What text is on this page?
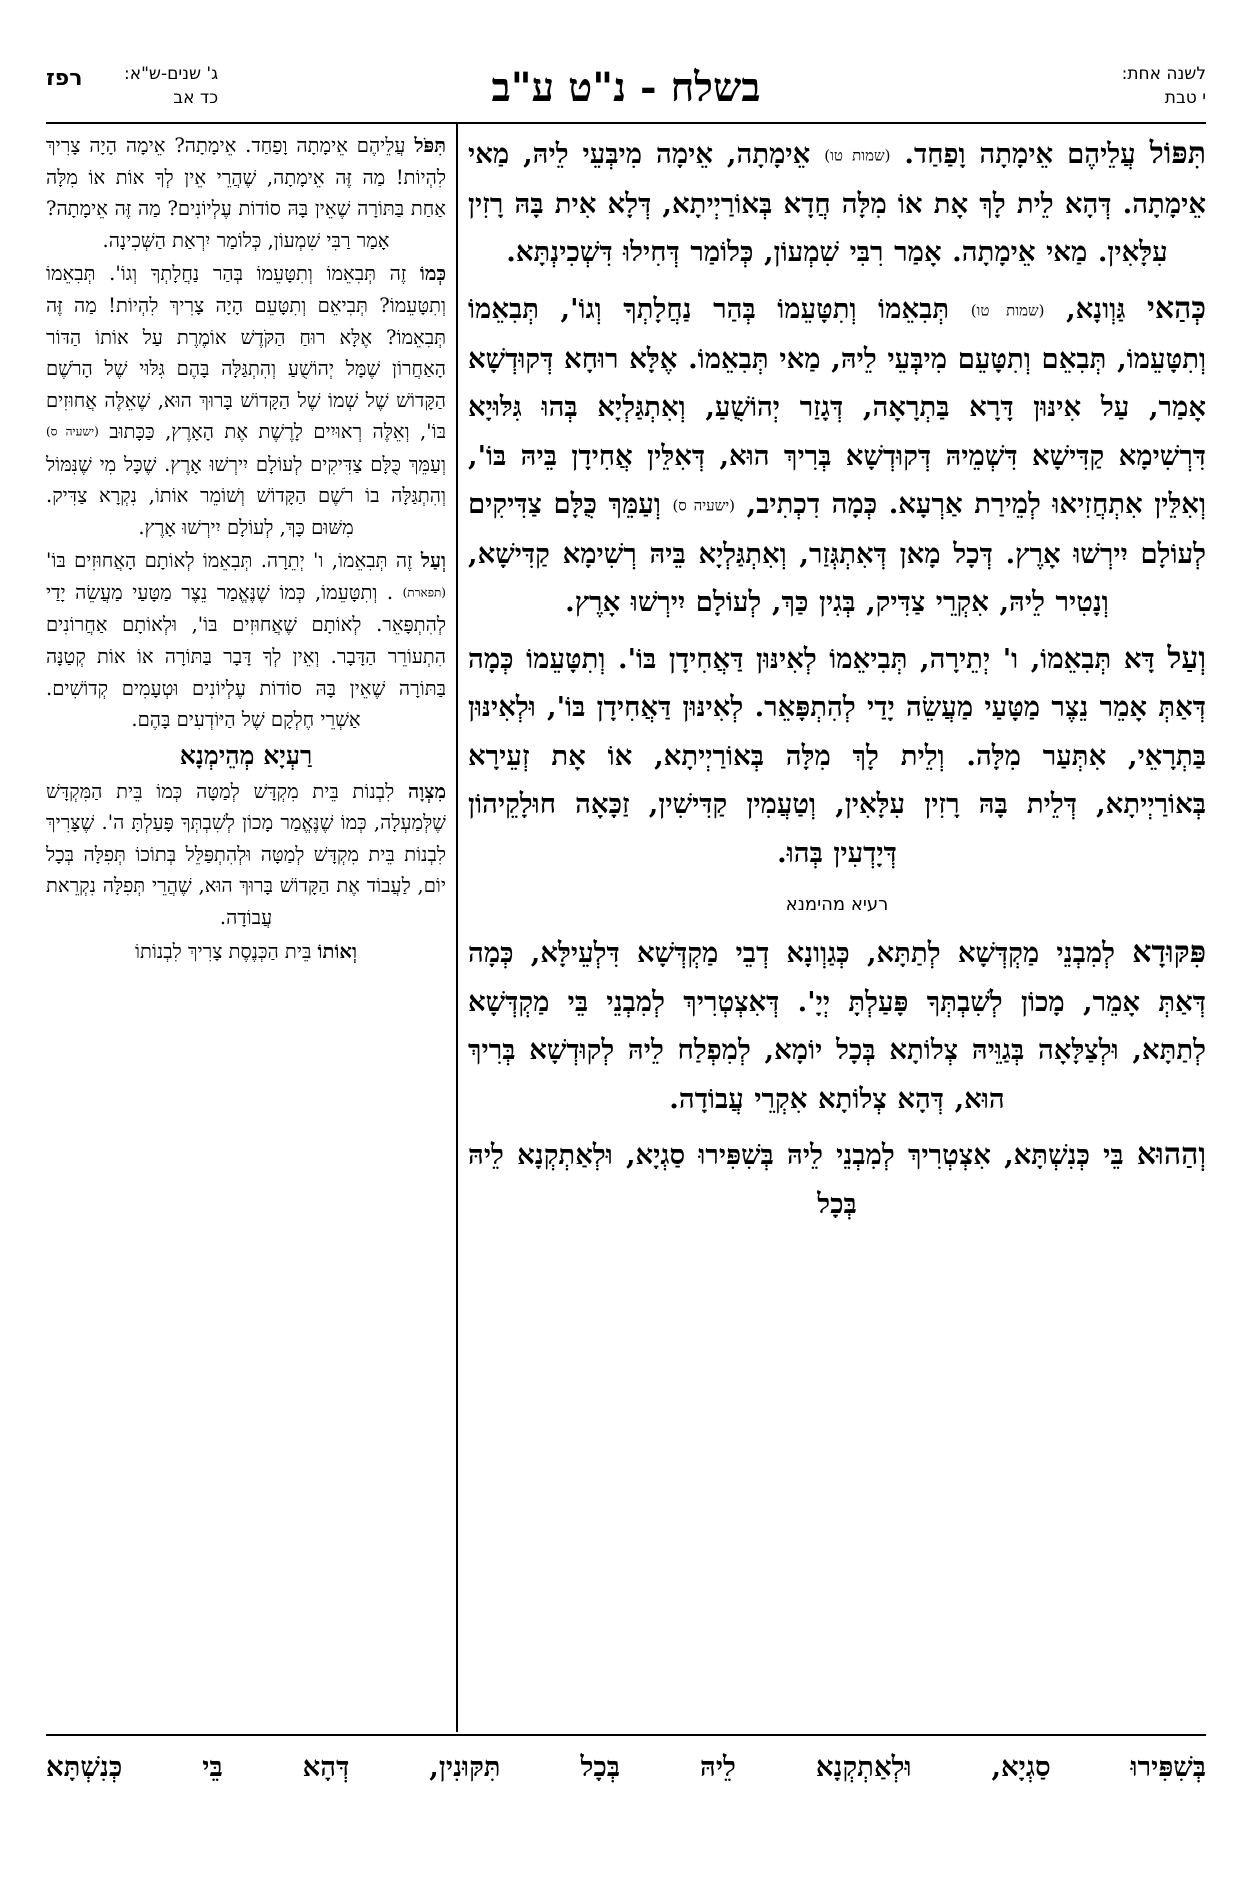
לשנה אחת:
י טבת
בשלח - נ"ט ע"ב
ג' שנים-ש"א:
כד אב
רפז

תִּפּוֹל עֲלֵיהֶם אֵימָתָה וָפַחַד. (שמות טו) אֵימָתָה, אֵימָה מִיבְּעֵי לֵיהּ, מַאי אֵימָתָה. דְּהָא לֵית לָךְ אָת אוֹ מִלָּה חֲדָא בְּאוֹרַיְיתָא, דְּלָא אִית בָּהּ רָזִין עִלָּאִין. מַאי אֵימָתָה. אָמַר רִבִּי שִׁמְעוֹן, כְּלוֹמַר דְּחִילוּ דִּשְׁכִינְתָּא.

כְּהַאי גַּוְונָא, (שמות טו) תְּבִאֵמוֹ וְתִטָּעֵמוֹ בְּהַר נַחֲלָתְךָ וְגוֹ', תְּבִאֵמוֹ וְתִטָּעֵמוֹ, תְּבִאֵם וְתִטָּעֵם מִיבְּעֵי לֵיהּ, מַאי תְּבִאֵמוֹ. אֶלָּא רוּחָא דְּקוּדְשָׁא אָמַר, עַל אִינּוּן דָּרָא בַּתְרָאָה, דְּגָזַר יְהוֹשֻׁעַ, וְאִתְגַּלְיָא בְּהוּ גִּלּוּיָא דִּרְשִׁימָא קַדִּישָׁא דִּשְׁמֵיהּ דְּקוּדְשָׁא בְּרִיךְ הוּא, דְּאִלֵּין אֲחִידָן בֵּיהּ בּוֹ', וְאִלֵּין אִתְחֲזִיאוּ לְמֵירַת אַרְעָא. כְּמָה דִכְתִיב, (ישעיה ס) וְעַמֵּךְ כֻּלָּם צַדִּיקִים לְעוֹלָם יִירְשׁוּ אָרֶץ. דְּכָל מָאן דְּאִתְגְּזַר, וְאִתְגַּלְיָא בֵּיהּ רְשִׁימָא קַדִּישָׁא, וְנָטִיר לֵיהּ, אִקְרֵי צַדִּיק, בְּגִין כַּךְ, לְעוֹלָם יִירְשׁוּ אָרֶץ.

וְעַל דָּא תְּבִאֵמוֹ, ו' יְתֵירָה, תְּבִיאֵמוֹ לְאִינּוּן דַּאֲחִידָן בּוֹ'. וְתִטָּעֵמוֹ כְּמָה דְּאַתְּ אָמֵר נֵצֶר מַטָּעַי מַעֲשֵׂה יָדַי לְהִתְפָּאֵר. לְאִינּוּן דַּאֲחִידָן בּוֹ', וּלְאִינּוּן בַּתְרָאֵי, אִתְּעַר מִלָּה. וְלֵית לָךְ מִלָּה בְּאוֹרַיְיתָא, אוֹ אָת זְעֵירָא בְּאוֹרַיְיתָא, דְּלֵית בָּהּ רָזִין עִלָּאִין, וְטַעֲמִין קַדִּישִׁין, זַכָּאָה חוּלָקֵיהוֹן דְּיָדְעִין בְּהוּ.

רעיא מהימנא

פִּקּוּדָא לְמִבְנֵי מַקְדְּשָׁא לְתַתָּא, כְּגַוְונָא דְבֵי מַקְדְּשָׁא דִּלְעֵילָּא, כְּמָה דְּאַתְּ אָמֵר, מָכוֹן לְשִׁבְתְּךָ פָּעַלְתָּ יְיָ'. דְּאִצְטְרִיךְ לְמִבְנֵי בֵּי מַקְדְּשָׁא לְתַתָּא, וּלְצַלָּאָה בְּגַוֵּיהּ צְלוֹתָא בְּכָל יוֹמָא, לְמִפְלַח לֵיהּ לְקוּדְשָׁא בְּרִיךְ הוּא, דְּהָא צְלוֹתָא אִקְרֵי עֲבוֹדָה.

וְהַהוּא בֵּי כְּנִשְׁתָּא, אִצְטְרִיךְ לְמִבְנֵי לֵיהּ בְּשִׁפִּירוּ סַגְיָא, וּלְאַתְקְנָא לֵיהּ בְּכָל

תִּפֹּל עֲלֵיהֶם אֵימָתָה וָפַחַד. אֵימָתָה? אֵימָה הָיָה צָרִיךְ לִהְיוֹת! מַה זֶּה אֵימָתָה, שֶׁהֲרֵי אֵין לְךָ אוֹת אוֹ מִלָּה אַחַת בַּתּוֹרָה שֶׁאֵין בָּהּ סוֹדוֹת עֶלְיוֹנִים? מַה זֶּה אֵימָתָה? אָמַר רַבִּי שִׁמְעוֹן, כְּלוֹמַר יִרְאַת הַשְּׁכִינָה.

כְּמוֹ זֶה תְּבִאֵמוֹ וְתִטָּעֵמוֹ בְּהַר נַחֲלָתְךָ וְגוֹ'. תְּבִאֵמוֹ וְתִטָּעֵמוֹ? תְּבִיאֵם וְתִטָּעֵם הָיָה צָרִיךְ לִהְיוֹת! מַה זֶּה תְּבִאֵמוֹ? אֶלָּא רוּחַ הַקֹּדֶשׁ אוֹמֶרֶת עַל אוֹתוֹ הַדּוֹר הָאַחֲרוֹן שֶׁמָּל יְהוֹשֻׁעַ וְהִתְגַּלָּה בָּהֶם גִּלּוּי שֶׁל הָרֹשֶׁם הַקָּדוֹשׁ שֶׁל שְׁמוֹ שֶׁל הַקָּדוֹשׁ בָּרוּךְ הוּא, שֶׁאֵלֶּה אֲחוּזִים בּוֹ', וְאֵלֶּה רְאוּיִים לָרֶשֶׁת אֶת הָאָרֶץ, כַּכָּתוּב (ישעיה ס) וְעַמֵּךְ כֻּלָּם צַדִּיקִים לְעוֹלָם יִירְשׁוּ אָרֶץ. שֶׁכָּל מִי שֶׁנִּמּוֹל וְהִתְגַּלָּה בוֹ רֹשֶׁם הַקָּדוֹשׁ וְשׁוֹמֵר אוֹתוֹ, נִקְרָא צַדִּיק. מִשּׁוּם כָּךְ, לְעוֹלָם יִירְשׁוּ אָרֶץ.

וְעַל זֶה תְּבִאֵמוֹ, ו' יְתֵרָה. תְּבִאֵמוֹ לְאוֹתָם הָאֲחוּזִים בּוֹ' (תפארת) . וְתִטָּעֵמוֹ, כְּמוֹ שֶׁנֶּאֱמַר נֵצֶר מַטָּעַי מַעֲשֵׂה יָדַי לְהִתְפָּאֵר. לְאוֹתָם שֶׁאֲחוּזִים בּוֹ', וּלְאוֹתָם אַחֲרוֹנִים הִתְעוֹרֵר הַדָּבָר. וְאֵין לְךָ דָּבָר בַּתּוֹרָה אוֹ אוֹת קְטַנָּה בַּתּוֹרָה שֶׁאֵין בָּהּ סוֹדוֹת עֶלְיוֹנִים וּטְעָמִים קְדוֹשִׁים. אַשְׁרֵי חֶלְקָם שֶׁל הַיּוֹדְעִים בָּהֶם.

רַעְיָא מְהֵימְנָא

מִצְוָה לִבְנוֹת בֵּית מִקְדָּשׁ לְמַטָּה כְּמוֹ בֵּית הַמִּקְדָּשׁ שֶׁלְּמַעְלָה, כְּמוֹ שֶׁנֶּאֱמַר מָכוֹן לְשִׁבְתְּךָ פָּעַלְתָּ ה'. שֶׁצָּרִיךְ לִבְנוֹת בֵּית מִקְדָּשׁ לְמַטָּה וּלְהִתְפַּלֵּל בְּתוֹכוֹ תְּפִלָּה בְּכָל יוֹם, לַעֲבוֹד אֶת הַקָּדוֹשׁ בָּרוּךְ הוּא, שֶׁהֲרֵי תְּפִלָּה נִקְרֵאת עֲבוֹדָה.

וְאוֹתוֹ בֵּית הַכְּנֶסֶת צָרִיךְ לִבְנוֹתוֹ

בְּשִׁפִּירוּ סַגְיָא, וּלְאַתְקְנָא לֵיהּ בְּכָל תִּקּוּנִין, דְּהָא בֵּי כְּנִשְׁתָּא
